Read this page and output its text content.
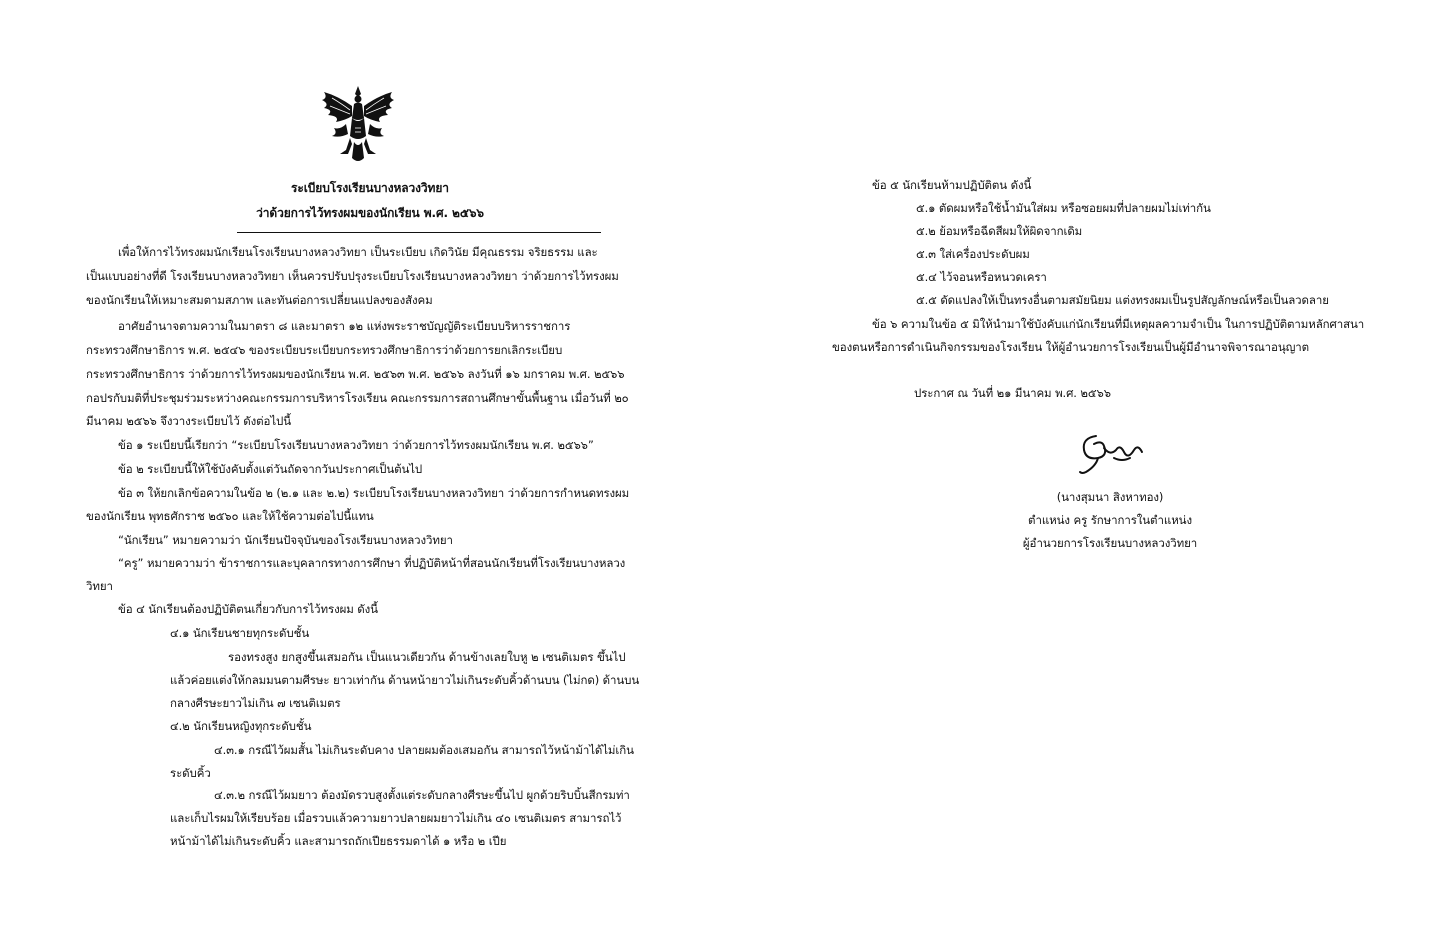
ระเบียบโรงเรียนบางหลวงวิทยา
ว่าด้วยการไว้ทรงผมของนักเรียน พ.ศ. ๒๕๖๖
เพื่อให้การไว้ทรงผมนักเรียนโรงเรียนบางหลวงวิทยา เป็นระเบียบ เกิดวินัย มีคุณธรรม จริยธรรม และ
เป็นแบบอย่างที่ดี โรงเรียนบางหลวงวิทยา เห็นควรปรับปรุงระเบียบโรงเรียนบางหลวงวิทยา ว่าด้วยการไว้ทรงผม
ของนักเรียนให้เหมาะสมตามสภาพ และทันต่อการเปลี่ยนแปลงของสังคม
อาศัยอำนาจตามความในมาตรา ๘ และมาตรา ๑๒ แห่งพระราชบัญญัติระเบียบบริหารราชการ
กระทรวงศึกษาธิการ พ.ศ. ๒๕๔๖ ของระเบียบระเบียบกระทรวงศึกษาธิการว่าด้วยการยกเลิกระเบียบ
กระทรวงศึกษาธิการ ว่าด้วยการไว้ทรงผมของนักเรียน พ.ศ. ๒๕๖๓ พ.ศ. ๒๕๖๖ ลงวันที่ ๑๖ มกราคม พ.ศ. ๒๕๖๖
กอปรกับมติที่ประชุมร่วมระหว่างคณะกรรมการบริหารโรงเรียน คณะกรรมการสถานศึกษาขั้นพื้นฐาน เมื่อวันที่ ๒๐
มีนาคม ๒๕๖๖ จึงวางระเบียบไว้ ดังต่อไปนี้
ข้อ ๑ ระเบียบนี้เรียกว่า “ระเบียบโรงเรียนบางหลวงวิทยา ว่าด้วยการไว้ทรงผมนักเรียน พ.ศ. ๒๕๖๖”
ข้อ ๒ ระเบียบนี้ให้ใช้บังคับตั้งแต่วันถัดจากวันประกาศเป็นต้นไป
ข้อ ๓ ให้ยกเลิกข้อความในข้อ ๒ (๒.๑ และ ๒.๒) ระเบียบโรงเรียนบางหลวงวิทยา ว่าด้วยการกำหนดทรงผม
ของนักเรียน พุทธศักราช ๒๕๖๐ และให้ใช้ความต่อไปนี้แทน
“นักเรียน” หมายความว่า นักเรียนปัจจุบันของโรงเรียนบางหลวงวิทยา
“ครู” หมายความว่า ข้าราชการและบุคลากรทางการศึกษา ที่ปฏิบัติหน้าที่สอนนักเรียนที่โรงเรียนบางหลวง
วิทยา
ข้อ ๔ นักเรียนต้องปฏิบัติตนเกี่ยวกับการไว้ทรงผม ดังนี้
๔.๑ นักเรียนชายทุกระดับชั้น
รองทรงสูง ยกสูงขึ้นเสมอกัน เป็นแนวเดียวกัน ด้านข้างเลยใบหู ๒ เซนติเมตร ขึ้นไป
แล้วค่อยแต่งให้กลมมนตามศีรษะ ยาวเท่ากัน ด้านหน้ายาวไม่เกินระดับคิ้วด้านบน (ไม่กด) ด้านบน
กลางศีรษะยาวไม่เกิน ๗ เซนติเมตร
๔.๒ นักเรียนหญิงทุกระดับชั้น
๔.๓.๑ กรณีไว้ผมสั้น ไม่เกินระดับคาง ปลายผมต้องเสมอกัน สามารถไว้หน้าม้าได้ไม่เกิน
ระดับคิ้ว
๔.๓.๒ กรณีไว้ผมยาว ต้องมัดรวบสูงตั้งแต่ระดับกลางศีรษะขึ้นไป ผูกด้วยริบบิ้นสีกรมท่า
และเก็บไรผมให้เรียบร้อย เมื่อรวบแล้วความยาวปลายผมยาวไม่เกิน ๔๐ เซนติเมตร สามารถไว้
หน้าม้าได้ไม่เกินระดับคิ้ว และสามารถถักเปียธรรมดาได้ ๑ หรือ ๒ เปีย
ข้อ ๕ นักเรียนห้ามปฏิบัติตน ดังนี้
๕.๑ ตัดผมหรือใช้น้ำมันใส่ผม หรือซอยผมที่ปลายผมไม่เท่ากัน
๕.๒ ย้อมหรือฉีดสีผมให้ผิดจากเดิม
๕.๓ ใส่เครื่องประดับผม
๕.๔ ไว้จอนหรือหนวดเครา
๕.๕ ดัดแปลงให้เป็นทรงอื่นตามสมัยนิยม แต่งทรงผมเป็นรูปสัญลักษณ์หรือเป็นลวดลาย
ข้อ ๖ ความในข้อ ๕ มิให้นำมาใช้บังคับแก่นักเรียนที่มีเหตุผลความจำเป็น ในการปฏิบัติตามหลักศาสนา
ของตนหรือการดำเนินกิจกรรมของโรงเรียน ให้ผู้อำนวยการโรงเรียนเป็นผู้มีอำนาจพิจารณาอนุญาต
ประกาศ ณ วันที่ ๒๑ มีนาคม พ.ศ. ๒๕๖๖
(นางสุมนา สิงหาทอง)
ตำแหน่ง ครู รักษาการในตำแหน่ง
ผู้อำนวยการโรงเรียนบางหลวงวิทยา
